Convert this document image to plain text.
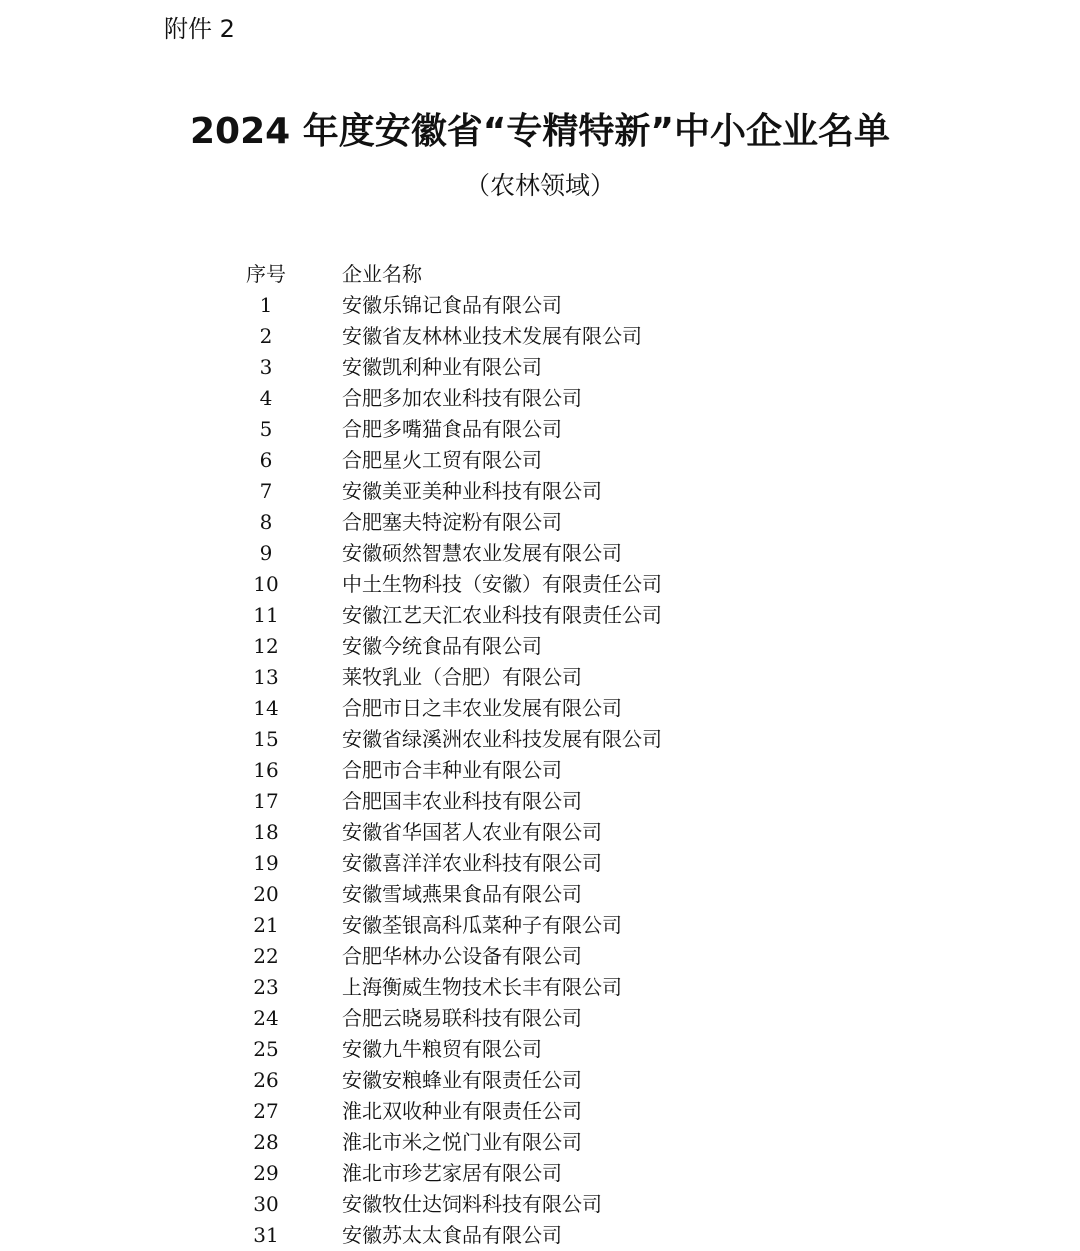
附件 2
2024 年度安徽省“专精特新”中小企业名单
（农林领域）
序号	企业名称
1	安徽乐锦记食品有限公司
2	安徽省友林林业技术发展有限公司
3	安徽凯利种业有限公司
4	合肥多加农业科技有限公司
5	合肥多嘴猫食品有限公司
6	合肥星火工贸有限公司
7	安徽美亚美种业科技有限公司
8	合肥塞夫特淀粉有限公司
9	安徽硕然智慧农业发展有限公司
10	中土生物科技（安徽）有限责任公司
11	安徽江艺天汇农业科技有限责任公司
12	安徽今统食品有限公司
13	莱牧乳业（合肥）有限公司
14	合肥市日之丰农业发展有限公司
15	安徽省绿溪洲农业科技发展有限公司
16	合肥市合丰种业有限公司
17	合肥国丰农业科技有限公司
18	安徽省华国茗人农业有限公司
19	安徽喜洋洋农业科技有限公司
20	安徽雪域燕果食品有限公司
21	安徽荃银高科瓜菜种子有限公司
22	合肥华林办公设备有限公司
23	上海衡威生物技术长丰有限公司
24	合肥云晓易联科技有限公司
25	安徽九牛粮贸有限公司
26	安徽安粮蜂业有限责任公司
27	淮北双收种业有限责任公司
28	淮北市米之悦门业有限公司
29	淮北市珍艺家居有限公司
30	安徽牧仕达饲料科技有限公司
31	安徽苏太太食品有限公司
